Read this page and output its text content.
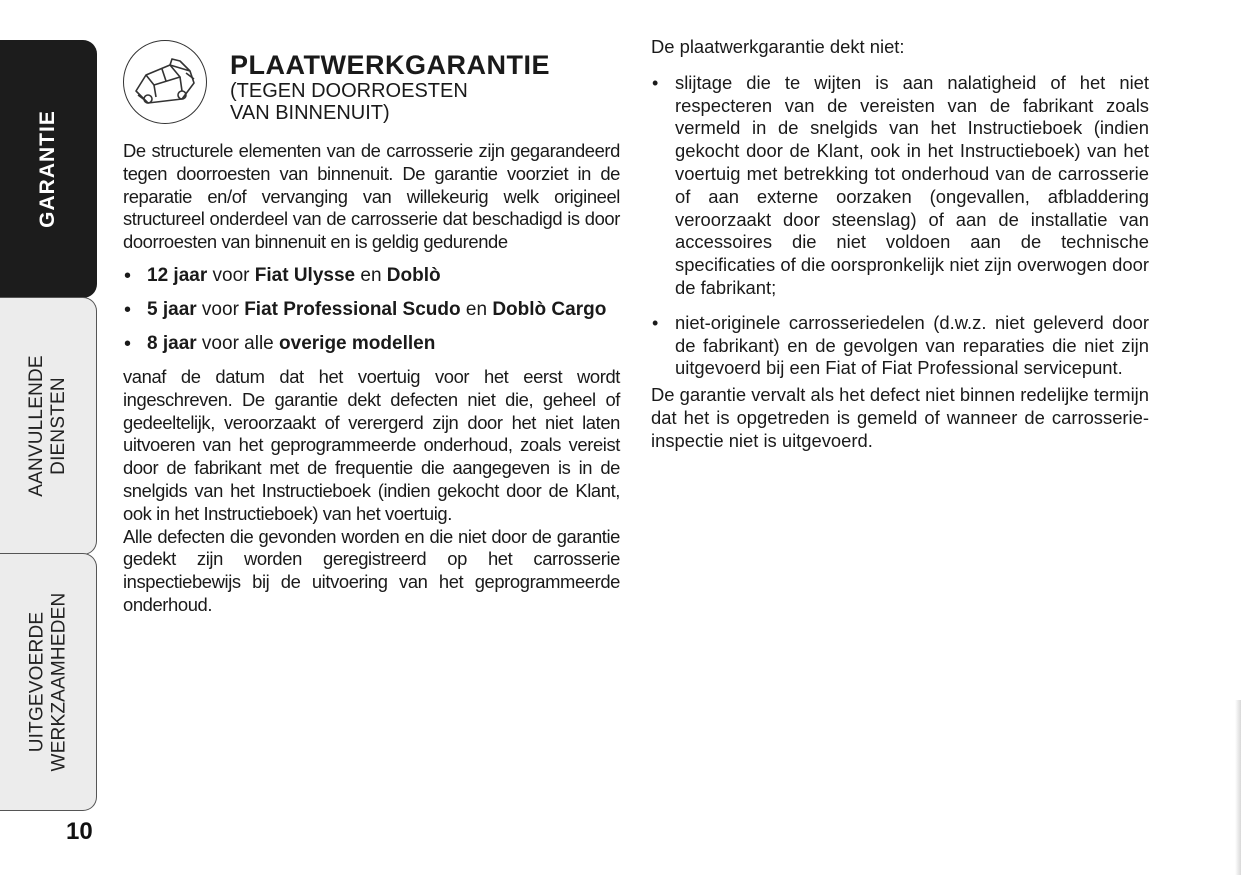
GARANTIE
AANVULLENDE DIENSTEN
UITGEVOERDE WERKZAAMHEDEN
10
PLAATWERKGARANTIE
(TEGEN DOORROESTEN
VAN BINNENUIT)

De structurele elementen van de carrosserie zijn gegarandeerd tegen doorroesten van binnenuit. De garantie voorziet in de reparatie en/of vervanging van willekeurig welk origineel structureel onderdeel van de carrosserie dat beschadigd is door doorroesten van binnenuit en is geldig gedurende

• 12 jaar voor Fiat Ulysse en Doblò
• 5 jaar voor Fiat Professional Scudo en Doblò Cargo
• 8 jaar voor alle overige modellen

vanaf de datum dat het voertuig voor het eerst wordt ingeschreven. De garantie dekt defecten niet die, geheel of gedeeltelijk, veroorzaakt of verergerd zijn door het niet laten uitvoeren van het geprogrammeerde onderhoud, zoals vereist door de fabrikant met de frequentie die aangegeven is in de snelgids van het Instructieboek (indien gekocht door de Klant, ook in het Instructieboek) van het voertuig.

Alle defecten die gevonden worden en die niet door de garantie gedekt zijn worden geregistreerd op het carrosserie inspectiebewijs bij de uitvoering van het geprogrammeerde onderhoud.

De plaatwerkgarantie dekt niet:

• slijtage die te wijten is aan nalatigheid of het niet respecteren van de vereisten van de fabrikant zoals vermeld in de snelgids van het Instructieboek (indien gekocht door de Klant, ook in het Instructieboek) van het voertuig met betrekking tot onderhoud van de carrosserie of aan externe oorzaken (ongevallen, afbladdering veroorzaakt door steenslag) of aan de installatie van accessoires die niet voldoen aan de technische specificaties of die oorspronkelijk niet zijn overwogen door de fabrikant;
• niet-originele carrosseriedelen (d.w.z. niet geleverd door de fabrikant) en de gevolgen van reparaties die niet zijn uitgevoerd bij een Fiat of Fiat Professional servicepunt.

De garantie vervalt als het defect niet binnen redelijke termijn dat het is opgetreden is gemeld of wanneer de carrosserie-inspectie niet is uitgevoerd.
